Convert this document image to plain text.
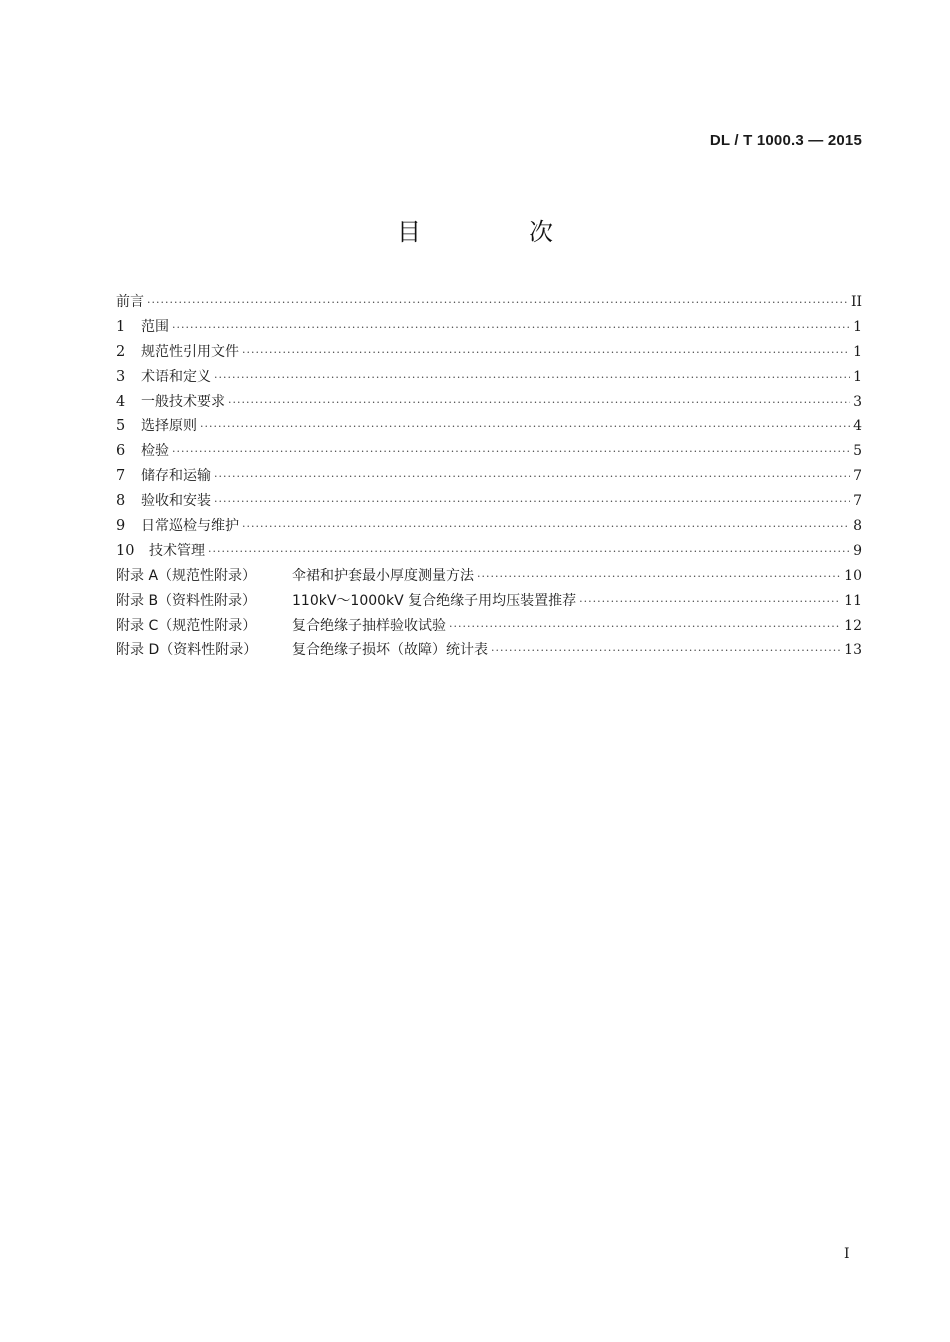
DL / T 1000.3 — 2015
目　次
前言 ·····	II
1	范围 ·····	1
2	规范性引用文件 ·····	1
3	术语和定义 ·····	1
4	一般技术要求 ·····	3
5	选择原则 ·····	4
6	检验 ·····	5
7	储存和运输 ·····	7
8	验收和安装 ·····	7
9	日常巡检与维护 ·····	8
10	技术管理 ·····	9
附录 A（规范性附录）	伞裙和护套最小厚度测量方法 ·····	10
附录 B（资料性附录）	110kV～1000kV 复合绝缘子用均压装置推荐 ·····	11
附录 C（规范性附录）	复合绝缘子抽样验收试验 ·····	12
附录 D（资料性附录）	复合绝缘子损坏（故障）统计表 ·····	13
I
